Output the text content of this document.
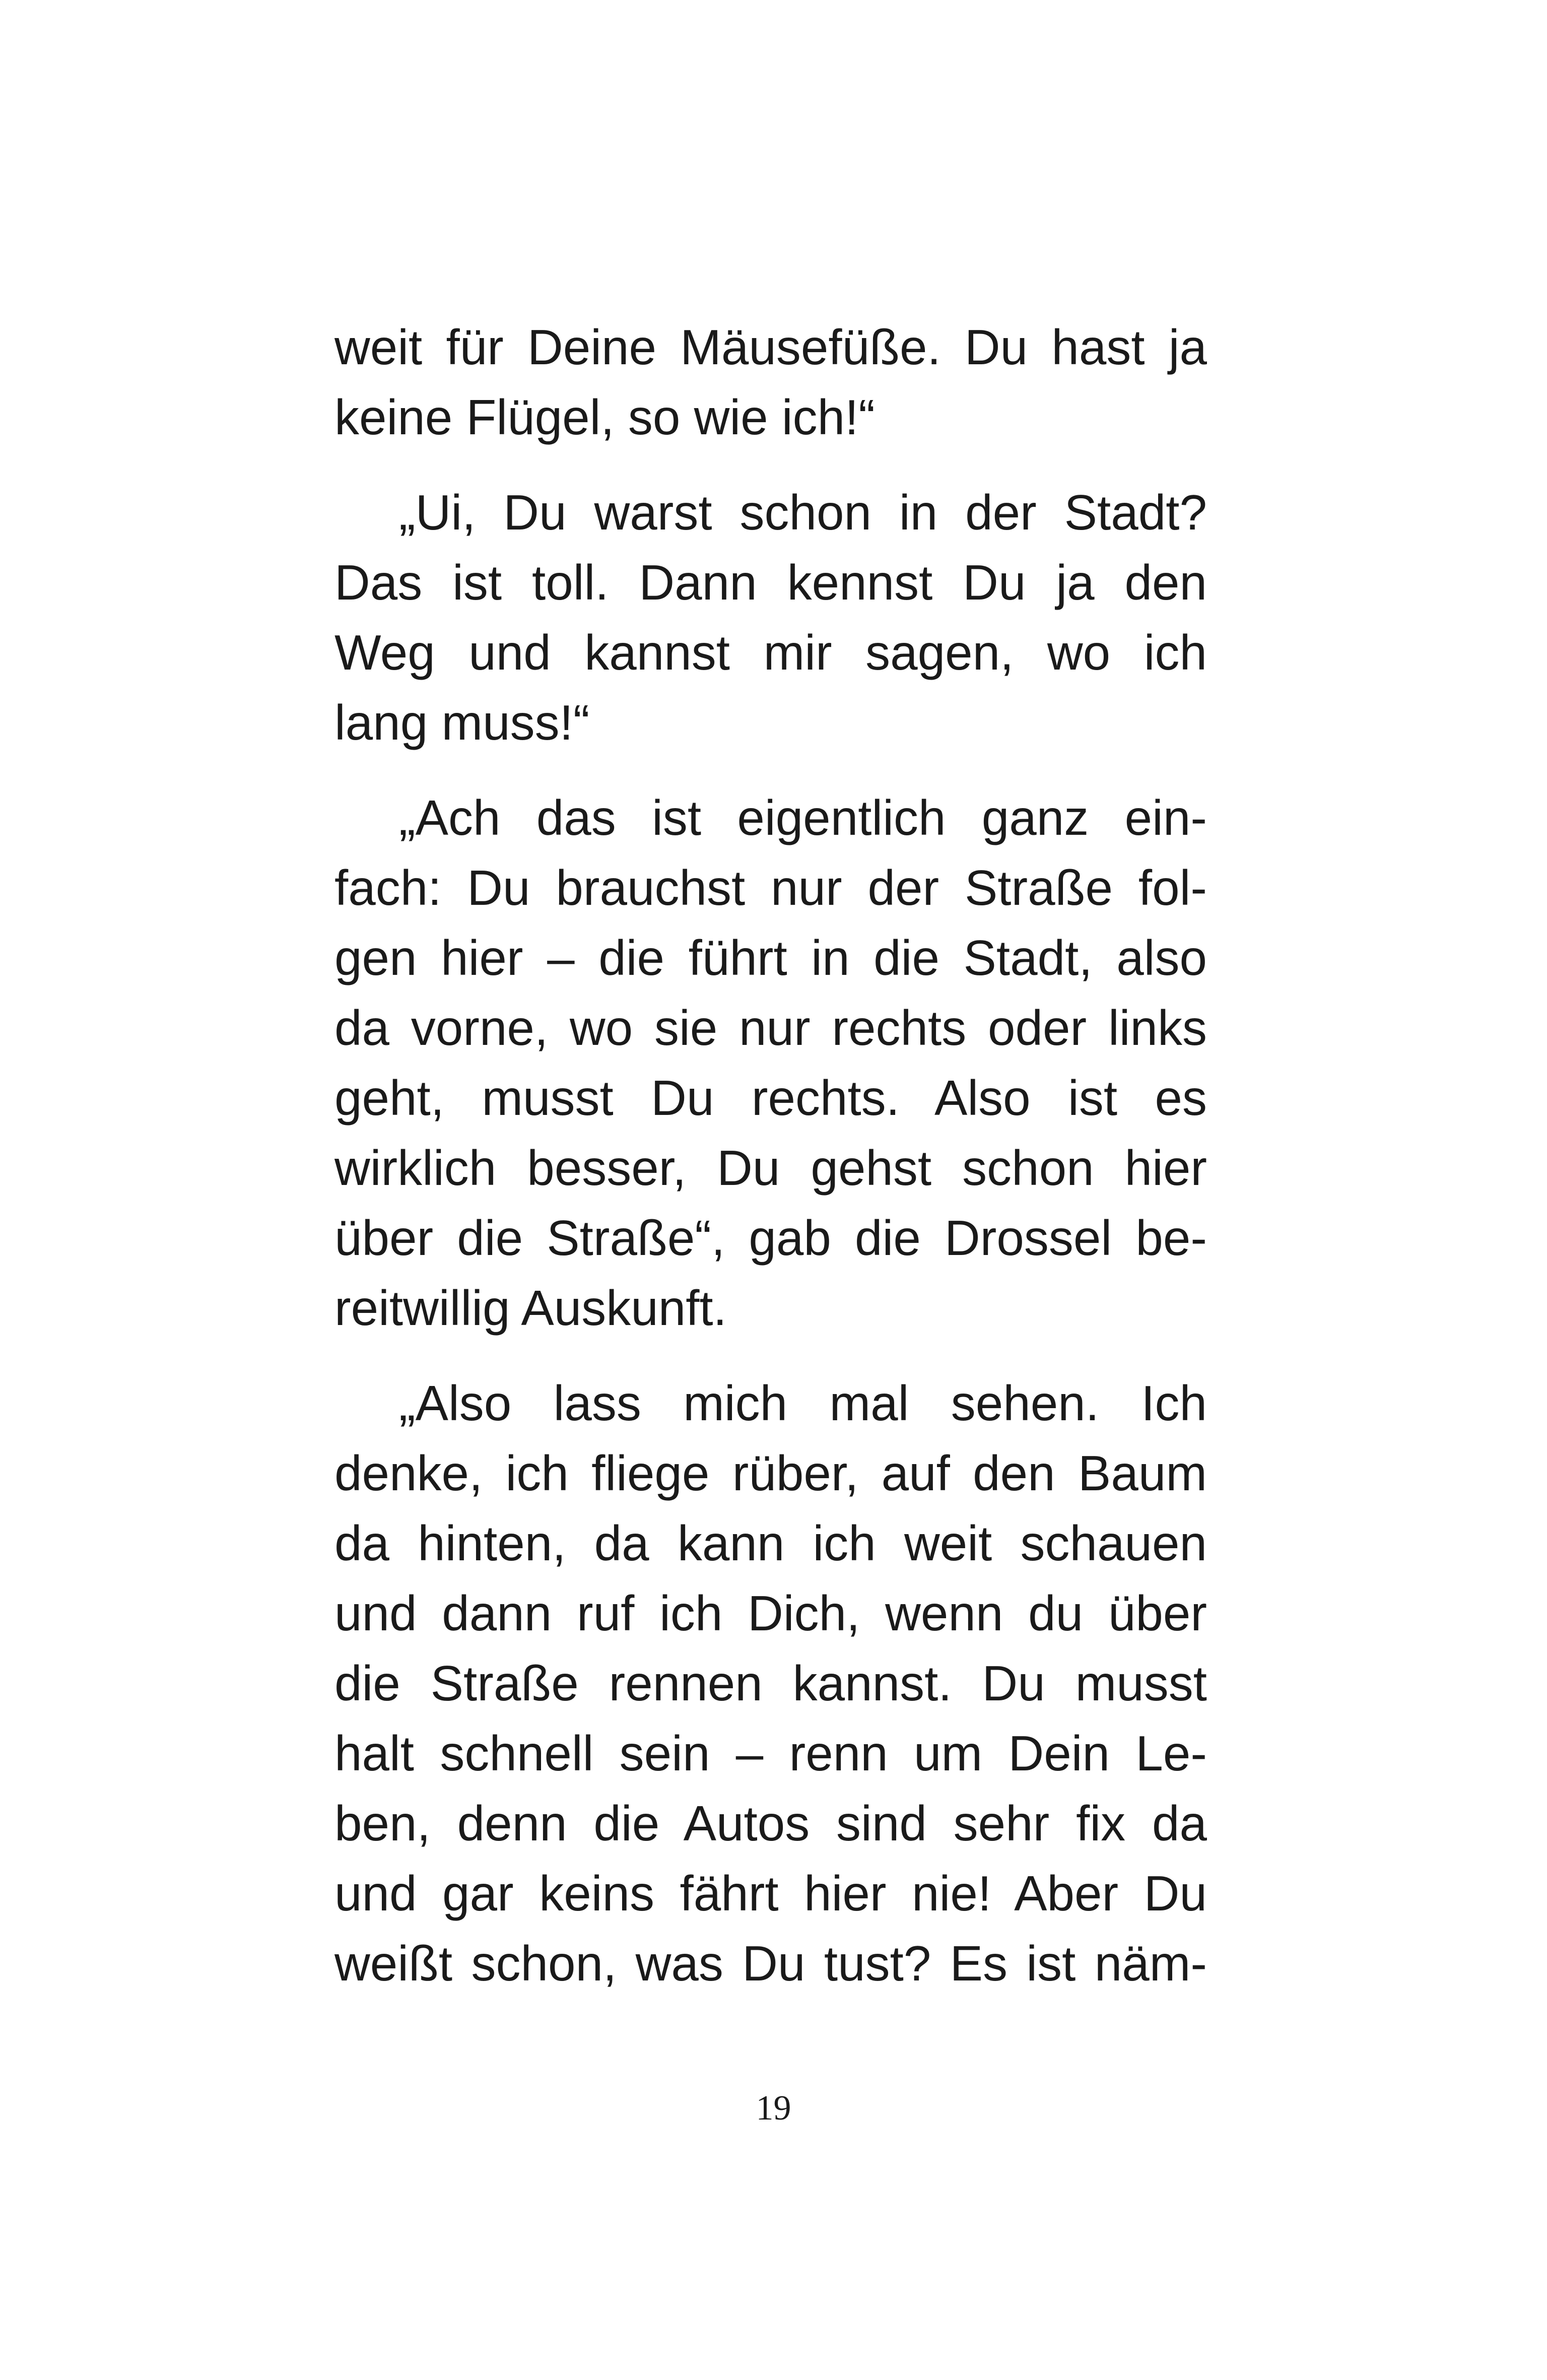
weit für Deine Mäusefüße. Du hast ja
keine Flügel, so wie ich!“

„Ui, Du warst schon in der Stadt?
Das ist toll. Dann kennst Du ja den
Weg und kannst mir sagen, wo ich
lang muss!“

„Ach das ist eigentlich ganz ein-
fach: Du brauchst nur der Straße fol-
gen hier – die führt in die Stadt, also
da vorne, wo sie nur rechts oder links
geht, musst Du rechts. Also ist es
wirklich besser, Du gehst schon hier
über die Straße“, gab die Drossel be-
reitwillig Auskunft.

„Also lass mich mal sehen. Ich
denke, ich fliege rüber, auf den Baum
da hinten, da kann ich weit schauen
und dann ruf ich Dich, wenn du über
die Straße rennen kannst. Du musst
halt schnell sein – renn um Dein Le-
ben, denn die Autos sind sehr fix da
und gar keins fährt hier nie! Aber Du
weißt schon, was Du tust? Es ist näm-

19
